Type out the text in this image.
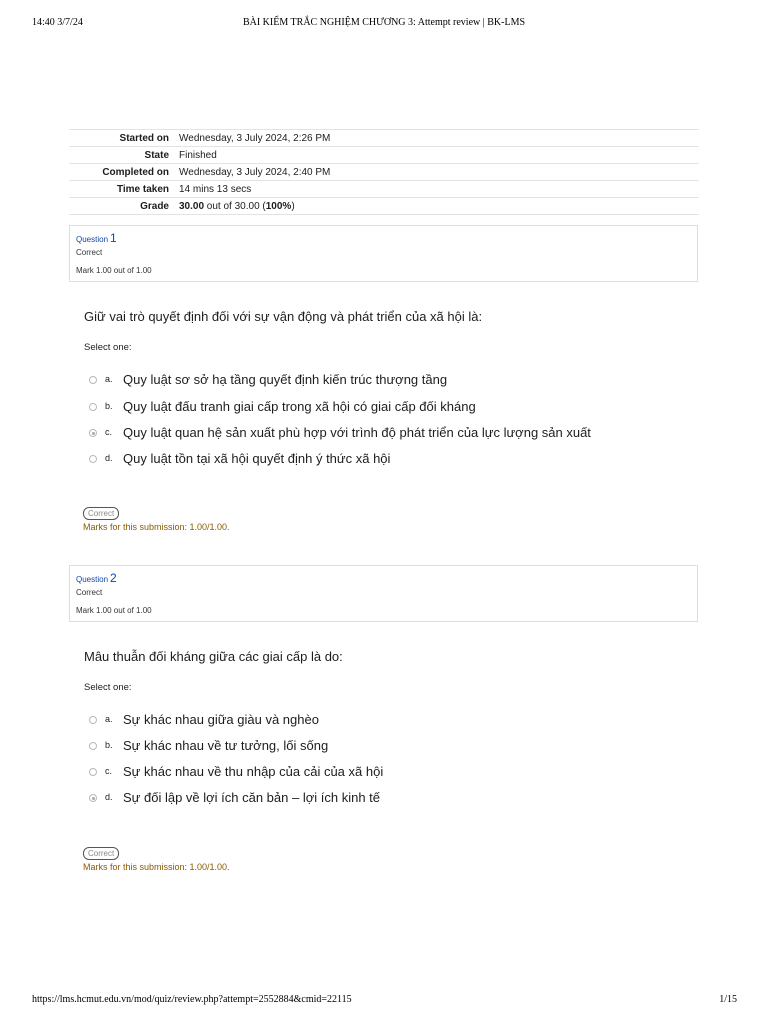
14:40 3/7/24	BÀI KIỂM TRẮC NGHIỆM CHƯƠNG 3: Attempt review | BK-LMS
Started on	Wednesday, 3 July 2024, 2:26 PM
State	Finished
Completed on	Wednesday, 3 July 2024, 2:40 PM
Time taken	14 mins 13 secs
Grade	30.00 out of 30.00 (100%)
Question 1
Correct
Mark 1.00 out of 1.00
Giữ vai trò quyết định đối với sự vận động và phát triển của xã hội là:
Select one:
a. Quy luật sơ sở hạ tầng quyết định kiến trúc thượng tầng
b. Quy luật đấu tranh giai cấp trong xã hội có giai cấp đối kháng
c. Quy luật quan hệ sản xuất phù hợp với trình độ phát triển của lực lượng sản xuất
d. Quy luật tồn tại xã hội quyết định ý thức xã hội
Correct
Marks for this submission: 1.00/1.00.
Question 2
Correct
Mark 1.00 out of 1.00
Mâu thuẫn đối kháng giữa các giai cấp là do:
Select one:
a. Sự khác nhau giữa giàu và nghèo
b. Sự khác nhau về tư tưởng, lối sống
c. Sự khác nhau về thu nhập của cải của xã hội
d. Sự đối lập về lợi ích căn bản – lợi ích kinh tế
Correct
Marks for this submission: 1.00/1.00.
https://lms.hcmut.edu.vn/mod/quiz/review.php?attempt=2552884&cmid=22115	1/15
